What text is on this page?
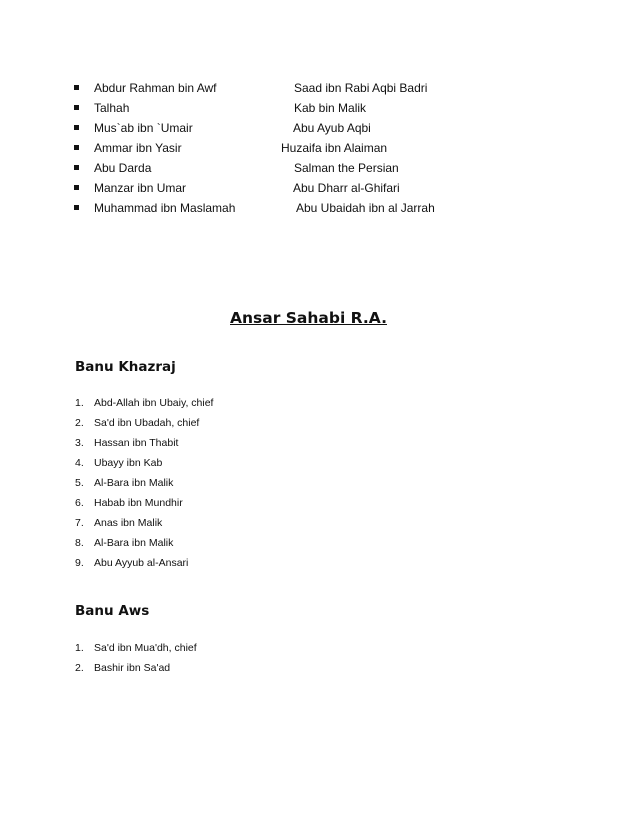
Abdur Rahman bin Awf	Saad ibn Rabi Aqbi Badri
Talhah	Kab bin Malik
Mus`ab ibn `Umair	Abu Ayub Aqbi
Ammar ibn Yasir	Huzaifa ibn Alaiman
Abu Darda	Salman the Persian
Manzar ibn Umar	Abu Dharr al-Ghifari
Muhammad ibn Maslamah	Abu Ubaidah ibn al Jarrah
Ansar Sahabi R.A.
Banu Khazraj
1. Abd-Allah ibn Ubaiy, chief
2. Sa'd ibn Ubadah, chief
3. Hassan ibn Thabit
4. Ubayy ibn Kab
5. Al-Bara ibn Malik
6. Habab ibn Mundhir
7. Anas ibn Malik
8. Al-Bara ibn Malik
9. Abu Ayyub al-Ansari
Banu Aws
1. Sa'd ibn Mua'dh, chief
2. Bashir ibn Sa'ad
